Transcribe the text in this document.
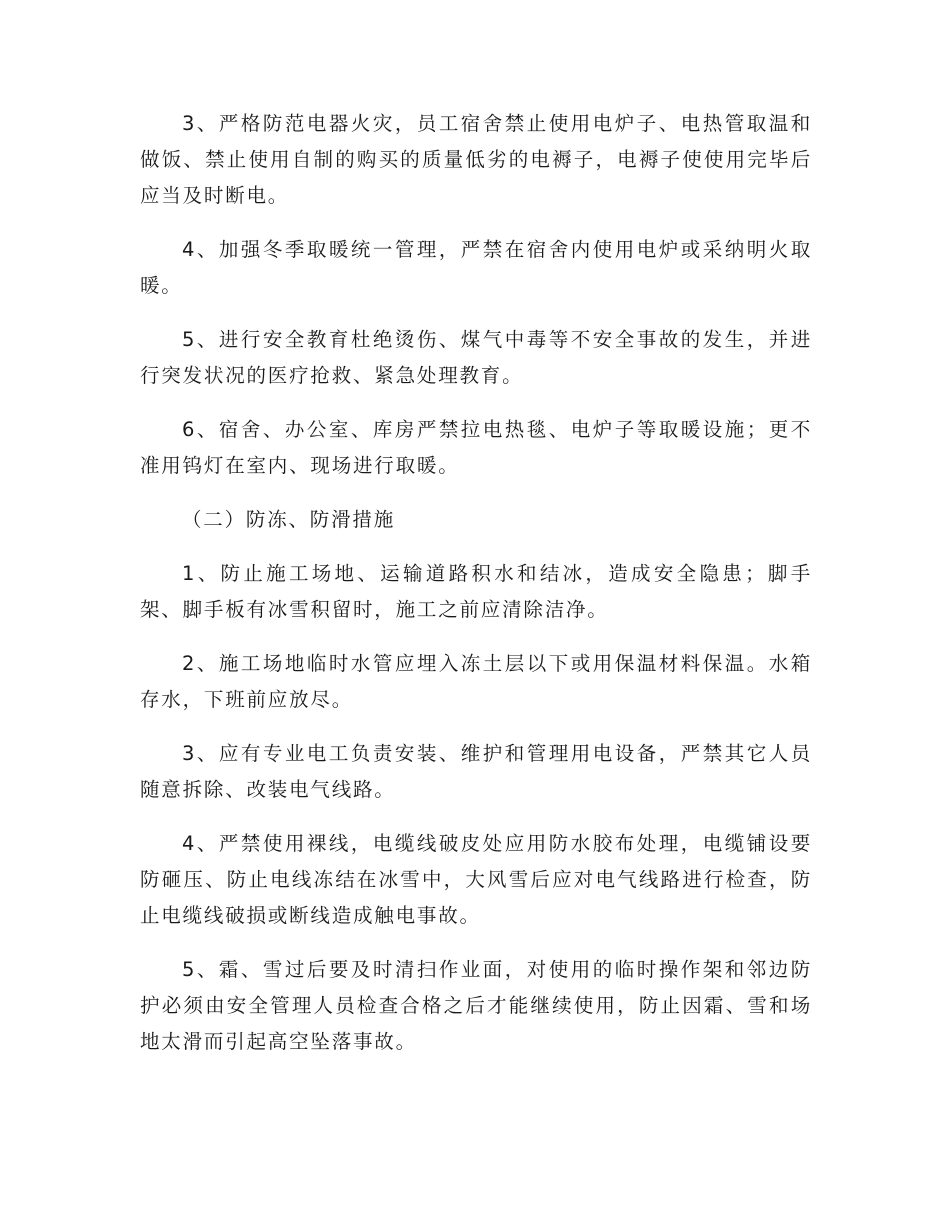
3、严格防范电器火灾，员工宿舍禁止使用电炉子、电热管取温和做饭、禁止使用自制的购买的质量低劣的电褥子，电褥子使使用完毕后应当及时断电。

4、加强冬季取暖统一管理，严禁在宿舍内使用电炉或采纳明火取暖。

5、进行安全教育杜绝烫伤、煤气中毒等不安全事故的发生，并进行突发状况的医疗抢救、紧急处理教育。

6、宿舍、办公室、库房严禁拉电热毯、电炉子等取暖设施；更不准用钨灯在室内、现场进行取暖。

（二）防冻、防滑措施

1、防止施工场地、运输道路积水和结冰，造成安全隐患；脚手架、脚手板有冰雪积留时，施工之前应清除洁净。

2、施工场地临时水管应埋入冻土层以下或用保温材料保温。水箱存水，下班前应放尽。

3、应有专业电工负责安装、维护和管理用电设备，严禁其它人员随意拆除、改装电气线路。

4、严禁使用裸线，电缆线破皮处应用防水胶布处理，电缆铺设要防砸压、防止电线冻结在冰雪中，大风雪后应对电气线路进行检查，防止电缆线破损或断线造成触电事故。

5、霜、雪过后要及时清扫作业面，对使用的临时操作架和邻边防护必须由安全管理人员检查合格之后才能继续使用，防止因霜、雪和场地太滑而引起高空坠落事故。
